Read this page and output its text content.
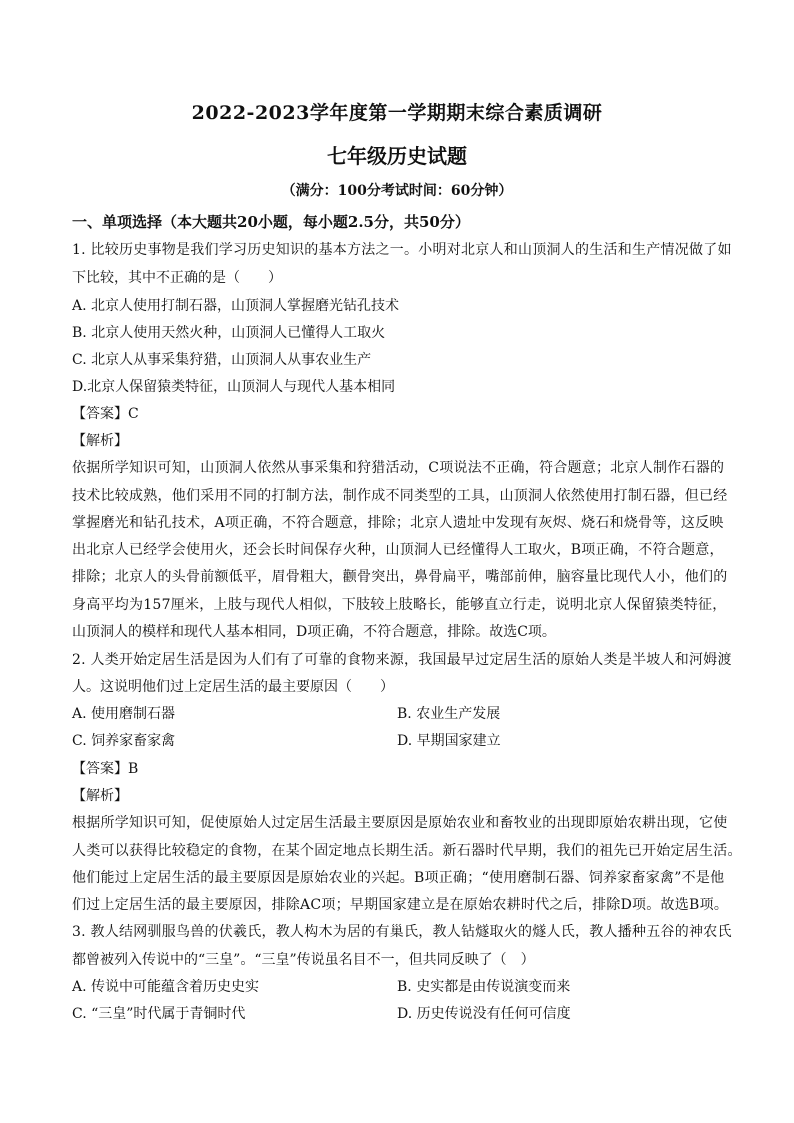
2022-2023学年度第一学期期末综合素质调研
七年级历史试题
（满分：100分考试时间：60分钟）
一、单项选择（本大题共20小题，每小题2.5分，共50分）
1. 比较历史事物是我们学习历史知识的基本方法之一。小明对北京人和山顶洞人的生活和生产情况做了如
下比较，其中不正确的是（　　）
A. 北京人使用打制石器，山顶洞人掌握磨光钻孔技术
B. 北京人使用天然火种，山顶洞人已懂得人工取火
C. 北京人从事采集狩猎，山顶洞人从事农业生产
D.北京人保留猿类特征，山顶洞人与现代人基本相同
【答案】C
【解析】
依据所学知识可知，山顶洞人依然从事采集和狩猎活动，C项说法不正确，符合题意；北京人制作石器的
技术比较成熟，他们采用不同的打制方法，制作成不同类型的工具，山顶洞人依然使用打制石器，但已经
掌握磨光和钻孔技术，A项正确，不符合题意，排除；北京人遗址中发现有灰烬、烧石和烧骨等，这反映
出北京人已经学会使用火，还会长时间保存火种，山顶洞人已经懂得人工取火，B项正确，不符合题意，
排除；北京人的头骨前额低平，眉骨粗大，颧骨突出，鼻骨扁平，嘴部前伸，脑容量比现代人小，他们的
身高平均为157厘米，上肢与现代人相似，下肢较上肢略长，能够直立行走，说明北京人保留猿类特征，
山顶洞人的模样和现代人基本相同，D项正确，不符合题意，排除。故选C项。
2. 人类开始定居生活是因为人们有了可靠的食物来源，我国最早过定居生活的原始人类是半坡人和河姆渡
人。这说明他们过上定居生活的最主要原因（　　）
A. 使用磨制石器	B. 农业生产发展
C. 饲养家畜家禽	D. 早期国家建立
【答案】B
【解析】
根据所学知识可知，促使原始人过定居生活最主要原因是原始农业和畜牧业的出现即原始农耕出现，它使
人类可以获得比较稳定的食物，在某个固定地点长期生活。新石器时代早期，我们的祖先已开始定居生活。
他们能过上定居生活的最主要原因是原始农业的兴起。B项正确；“使用磨制石器、饲养家畜家禽”不是他
们过上定居生活的最主要原因，排除AC项；早期国家建立是在原始农耕时代之后，排除D项。故选B项。
3. 教人结网驯服鸟兽的伏羲氏，教人构木为居的有巢氏，教人钻燧取火的燧人氏，教人播种五谷的神农氏
都曾被列入传说中的“三皇”。“三皇”传说虽名目不一，但共同反映了（　）
A. 传说中可能蕴含着历史史实	B. 史实都是由传说演变而来
C. “三皇”时代属于青铜时代	D. 历史传说没有任何可信度
